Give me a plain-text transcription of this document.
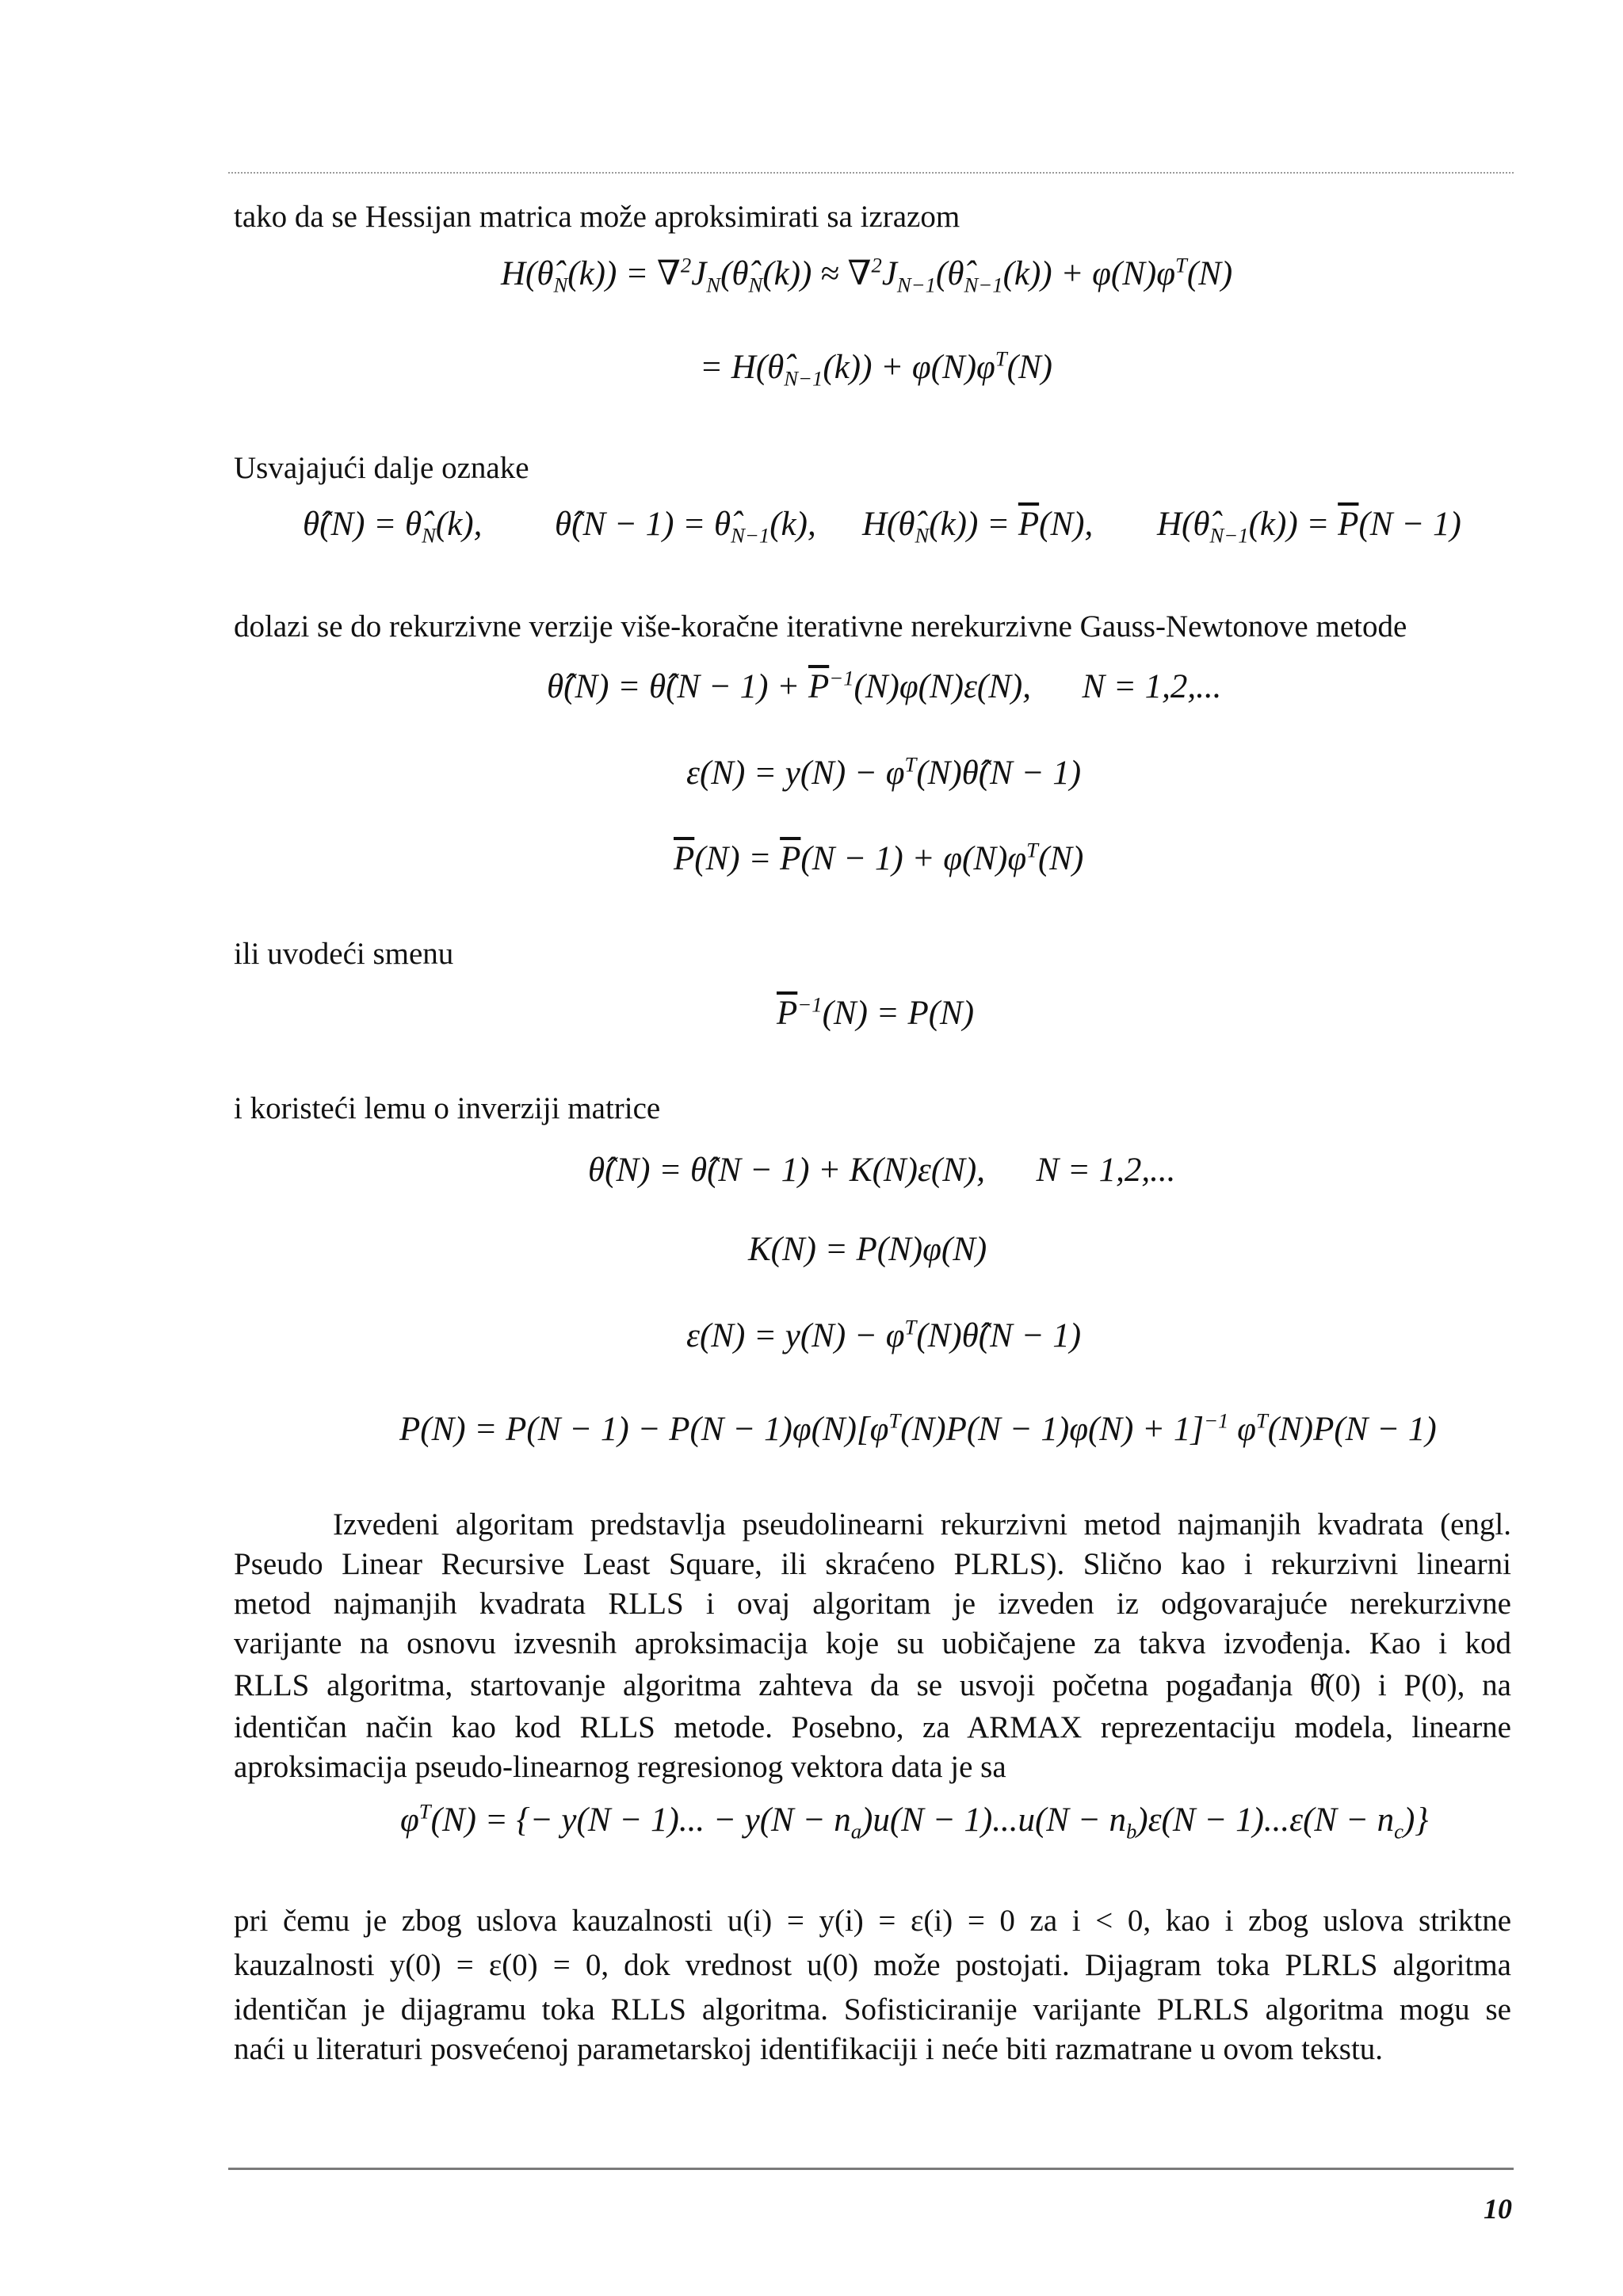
tako da se Hessijan matrica može aproksimirati sa izrazom
$H(\thetâ_N(k))$ = $\nabla^2J_N(\thetâ_N(k))$ ≈ $\nabla^2J_{N-1}(\thetâ_{N-1}(k)) + \varphi(N)\varphi^T(N)$
= $H(\thetâ_{N-1}(k)) + \varphi(N)\varphi^T(N)$
Usvajajući dalje oznake
θ̂(N) = $\thetâ_N(k)$, θ̂(N − $1) = \thetâ_{N-1}(k)$, $H(\thetâ_N(k)) = \overline{P}(N)$, $H(\thetâ_{N-1}(k)) = \overline{P}(N - 1)$
dolazi se do rekurzivne verzije više-koračne iterativne nerekurzivne Gauss-Newtonove metode
θ̂(N) = θ̂(N − $1) + \overline{P}^{-1}(N)\varphi(N)\varepsilon(N)$,      N = 1,2,...
$\varepsilon(N) = y(N) - \varphi^T(N)\thetâ(N - 1)$
$\overline{P}(N) = \overline{P}(N - 1) + \varphi(N)\varphi^T(N)$
ili uvodeći smenu
$\overline{P}^{-1}(N) = P(N)$
i koristeći lemu o inverziji matrice
θ̂(N) = θ̂(N − 1) + K(N)ε(N),      N = 1,2,...
K(N) = P(N)φ(N)
$\varepsilon(N) = y(N) - \varphi^T(N)\thetâ(N - 1)$
$P(N) = P(N - 1) - P(N - 1)\varphi(N)[\varphi^T(N)P(N - 1)\varphi(N) + 1]^{-1}$ $\varphi^T(N)P(N - 1)$
Izvedeni algoritam predstavlja pseudolinearni rekurzivni metod najmanjih kvadrata (engl.
Pseudo Linear Recursive Least Square, ili skraćeno PLRLS). Slično kao i rekurzivni linearni
metod najmanjih kvadrata RLLS i ovaj algoritam je izveden iz odgovarajuće nerekurzivne
varijante na osnovu izvesnih aproksimacija koje su uobičajene za takva izvođenja. Kao i kod
RLLS algoritma, startovanje algoritma zahteva da se usvoji početna pogađanja θ̂(0) i P(0), na
identičan način kao kod RLLS metode. Posebno, za ARMAX reprezentaciju modela, linearne
aproksimacija pseudo-linearnog regresionog vektora data je sa
$\varphi^T(N)$ = {− y(N − 1)... − $y(N - n_a)u(N - 1)...u(N - n_b)\varepsilon(N - 1)...\varepsilon(N - n_c)$}
pri čemu je zbog uslova kauzalnosti u(i) = y(i) = ε(i) = 0 za i < 0, kao i zbog uslova striktne
kauzalnosti y(0) = ε(0) = 0, dok vrednost u(0) može postojati. Dijagram toka PLRLS algoritma
identičan je dijagramu toka RLLS algoritma. Sofisticiranije varijante PLRLS algoritma mogu se
naći u literaturi posvećenoj parametarskoj identifikaciji i neće biti razmatrane u ovom tekstu.
10
